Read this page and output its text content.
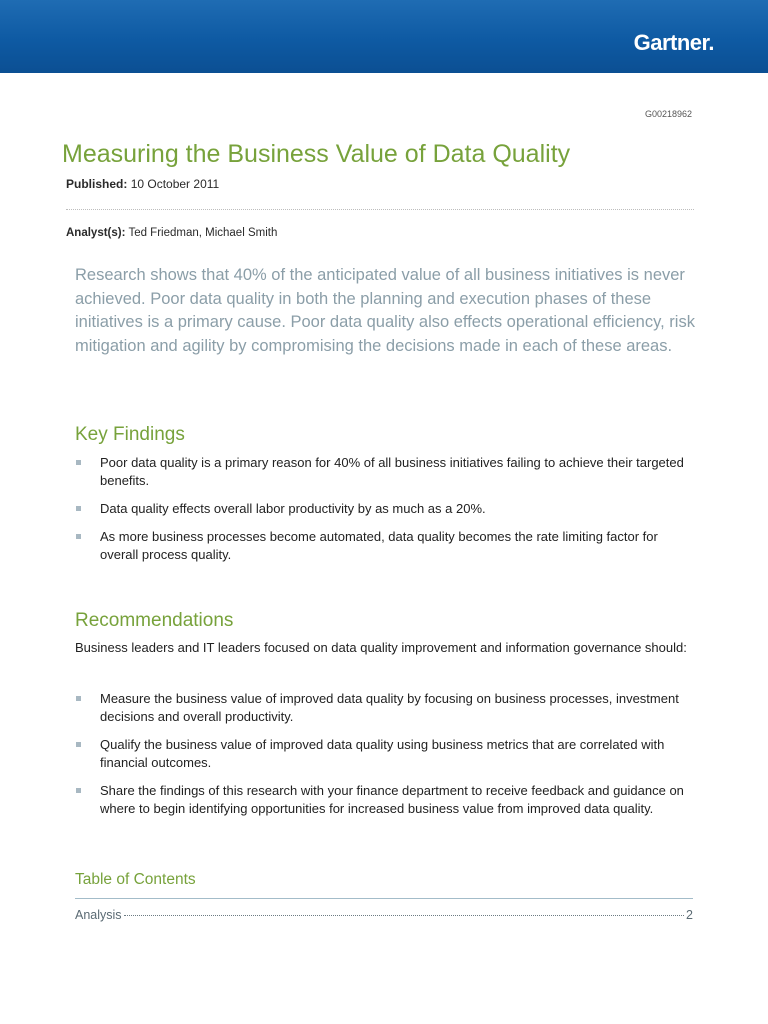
Gartner.
G00218962
Measuring the Business Value of Data Quality
Published: 10 October 2011
Analyst(s): Ted Friedman, Michael Smith

Research shows that 40% of the anticipated value of all business initiatives is never achieved. Poor data quality in both the planning and execution phases of these initiatives is a primary cause. Poor data quality also effects operational efficiency, risk mitigation and agility by compromising the decisions made in each of these areas.

Key Findings
Poor data quality is a primary reason for 40% of all business initiatives failing to achieve their targeted benefits.
Data quality effects overall labor productivity by as much as a 20%.
As more business processes become automated, data quality becomes the rate limiting factor for overall process quality.
Recommendations

Business leaders and IT leaders focused on data quality improvement and information governance should:

Measure the business value of improved data quality by focusing on business processes, investment decisions and overall productivity.
Qualify the business value of improved data quality using business metrics that are correlated with financial outcomes.
Share the findings of this research with your finance department to receive feedback and guidance on where to begin identifying opportunities for increased business value from improved data quality.
Table of Contents
Analysis	2
